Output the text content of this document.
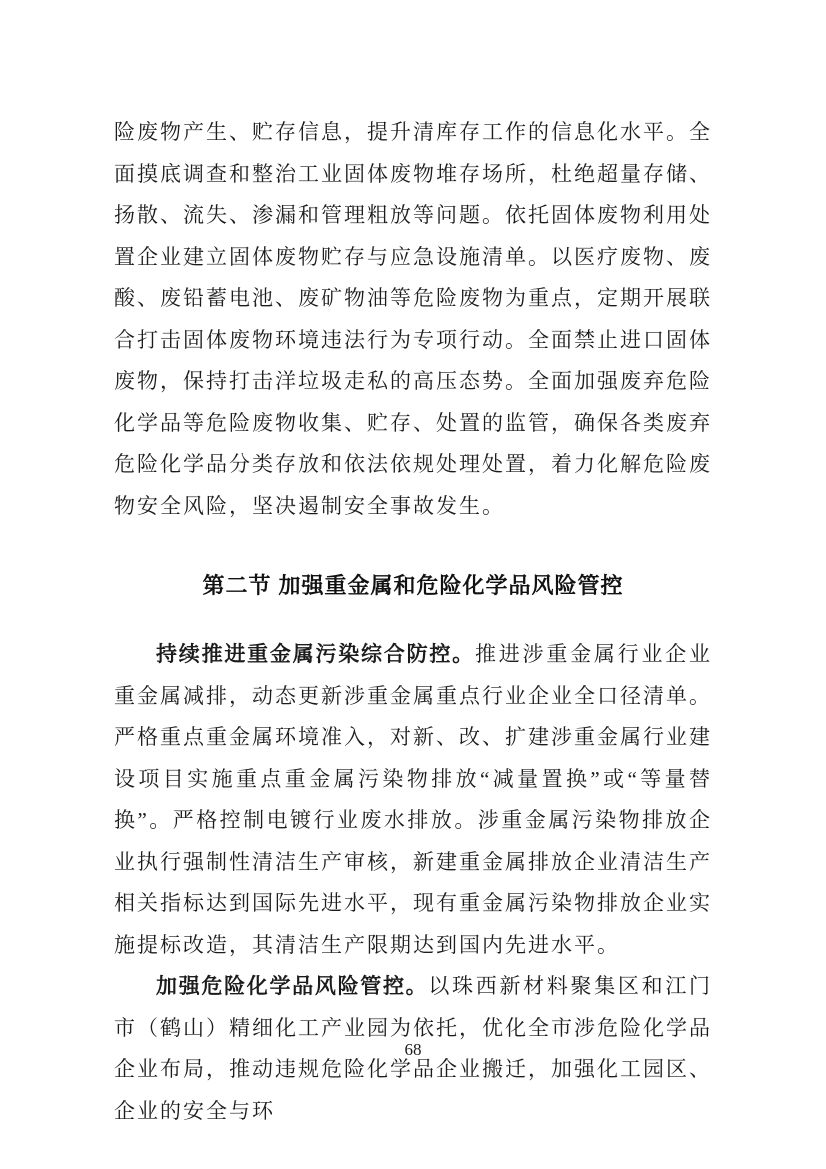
险废物产生、贮存信息，提升清库存工作的信息化水平。全面摸底调查和整治工业固体废物堆存场所，杜绝超量存储、扬散、流失、渗漏和管理粗放等问题。依托固体废物利用处置企业建立固体废物贮存与应急设施清单。以医疗废物、废酸、废铅蓄电池、废矿物油等危险废物为重点，定期开展联合打击固体废物环境违法行为专项行动。全面禁止进口固体废物，保持打击洋垃圾走私的高压态势。全面加强废弃危险化学品等危险废物收集、贮存、处置的监管，确保各类废弃危险化学品分类存放和依法依规处理处置，着力化解危险废物安全风险，坚决遏制安全事故发生。

第二节 加强重金属和危险化学品风险管控

持续推进重金属污染综合防控。推进涉重金属行业企业重金属减排，动态更新涉重金属重点行业企业全口径清单。严格重点重金属环境准入，对新、改、扩建涉重金属行业建设项目实施重点重金属污染物排放“减量置换”或“等量替换”。严格控制电镀行业废水排放。涉重金属污染物排放企业执行强制性清洁生产审核，新建重金属排放企业清洁生产相关指标达到国际先进水平，现有重金属污染物排放企业实施提标改造，其清洁生产限期达到国内先进水平。

加强危险化学品风险管控。以珠西新材料聚集区和江门市（鹤山）精细化工产业园为依托，优化全市涉危险化学品企业布局，推动违规危险化学品企业搬迁，加强化工园区、企业的安全与环

68
